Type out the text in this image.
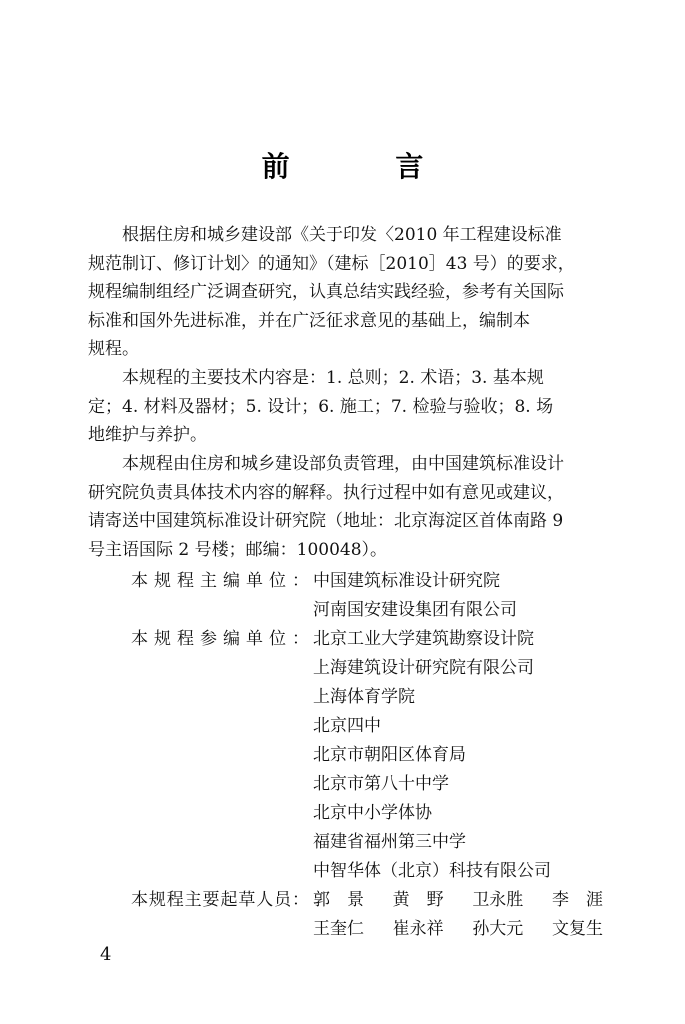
前 言
根据住房和城乡建设部《关于印发〈2010 年工程建设标准
规范制订、修订计划〉的通知》（建标［2010］43 号）的要求，
规程编制组经广泛调查研究，认真总结实践经验，参考有关国际
标准和国外先进标准，并在广泛征求意见的基础上，编制本
规程。
本规程的主要技术内容是：1. 总则；2. 术语；3. 基本规
定；4. 材料及器材；5. 设计；6. 施工；7. 检验与验收；8. 场
地维护与养护。
本规程由住房和城乡建设部负责管理，由中国建筑标准设计
研究院负责具体技术内容的解释。执行过程中如有意见或建议，
请寄送中国建筑标准设计研究院（地址：北京海淀区首体南路 9
号主语国际 2 号楼；邮编：100048）。
本规程主编单位： 中国建筑标准设计研究院
河南国安建设集团有限公司
本规程参编单位： 北京工业大学建筑勘察设计院
上海建筑设计研究院有限公司
上海体育学院
北京四中
北京市朝阳区体育局
北京市第八十中学
北京中小学体协
福建省福州第三中学
中智华体（北京）科技有限公司
本规程主要起草人员： 郭　景 黄　野 卫永胜 李　涯
王奎仁 崔永祥 孙大元 文复生
4
